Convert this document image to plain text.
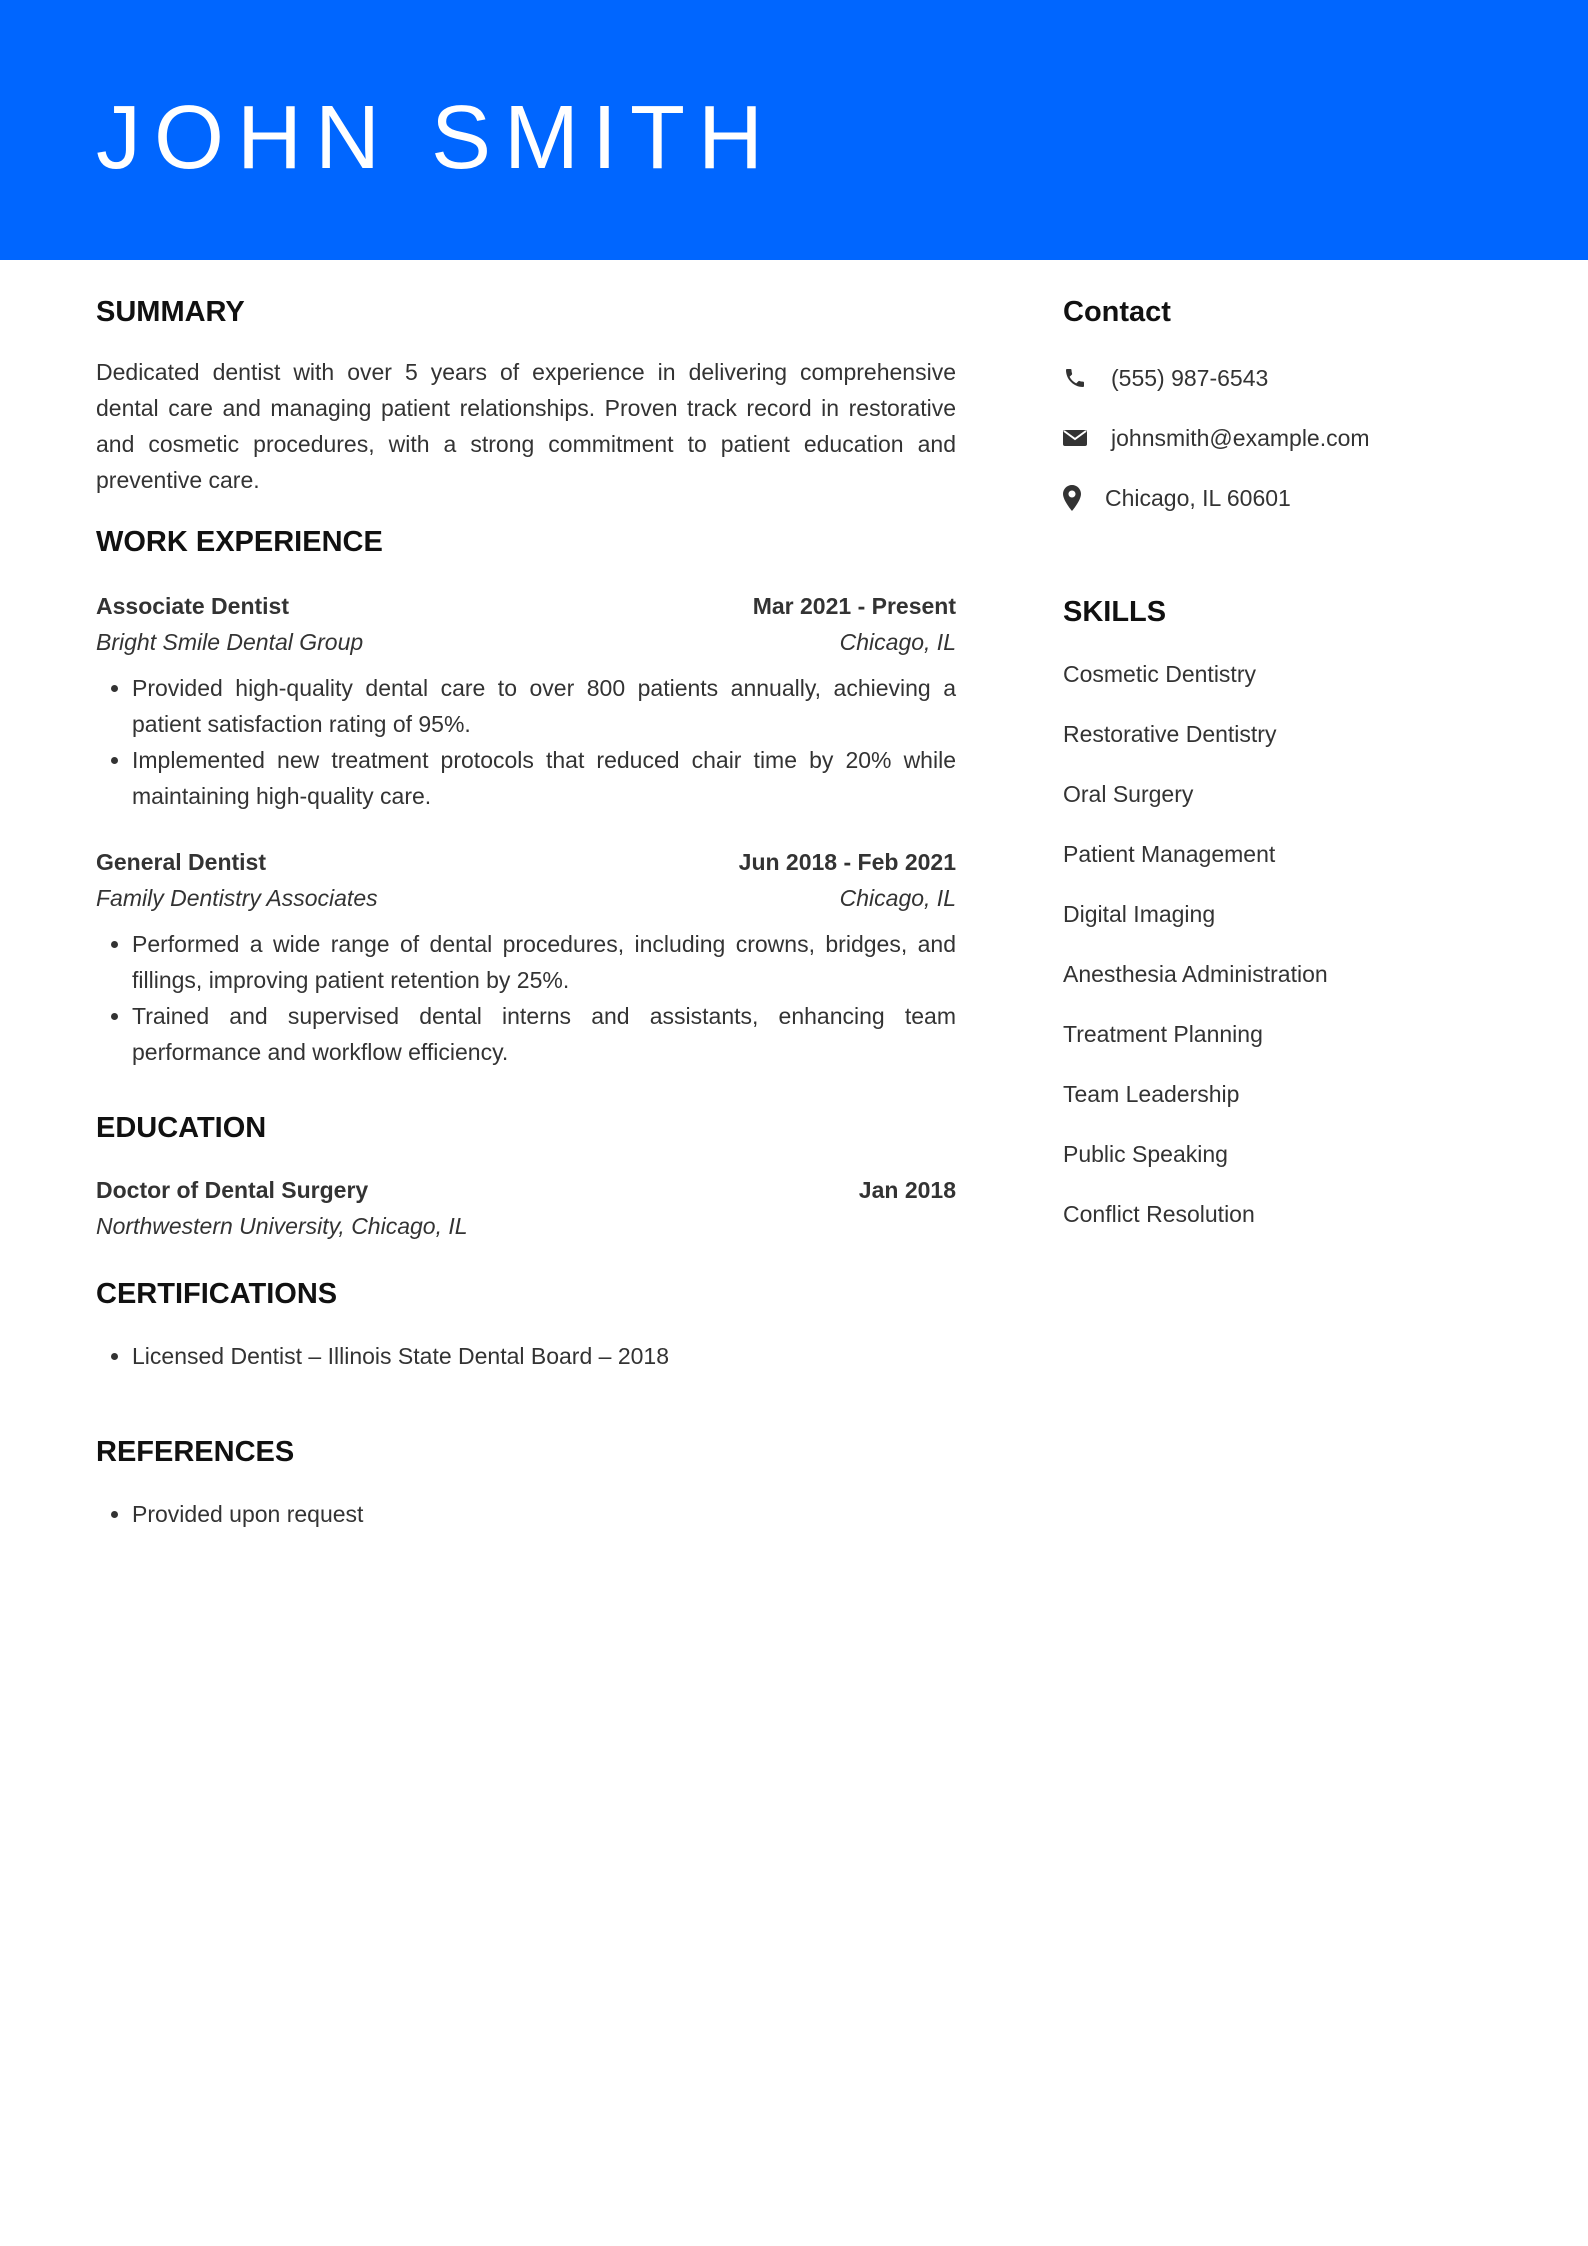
JOHN SMITH
SUMMARY

Dedicated dentist with over 5 years of experience in delivering comprehensive dental care and managing patient relationships. Proven track record in restorative and cosmetic procedures, with a strong commitment to patient education and preventive care.

WORK EXPERIENCE
Associate Dentist	Mar 2021 - Present
Bright Smile Dental Group	Chicago, IL
• Provided high-quality dental care to over 800 patients annually, achieving a patient satisfaction rating of 95%.
• Implemented new treatment protocols that reduced chair time by 20% while maintaining high-quality care.
General Dentist	Jun 2018 - Feb 2021
Family Dentistry Associates	Chicago, IL
• Performed a wide range of dental procedures, including crowns, bridges, and fillings, improving patient retention by 25%.
• Trained and supervised dental interns and assistants, enhancing team performance and workflow efficiency.
EDUCATION
Doctor of Dental Surgery	Jan 2018
Northwestern University, Chicago, IL
CERTIFICATIONS
• Licensed Dentist – Illinois State Dental Board – 2018
REFERENCES
• Provided upon request
Contact
(555) 987-6543
johnsmith@example.com
Chicago, IL 60601
SKILLS
Cosmetic Dentistry
Restorative Dentistry
Oral Surgery
Patient Management
Digital Imaging
Anesthesia Administration
Treatment Planning
Team Leadership
Public Speaking
Conflict Resolution
